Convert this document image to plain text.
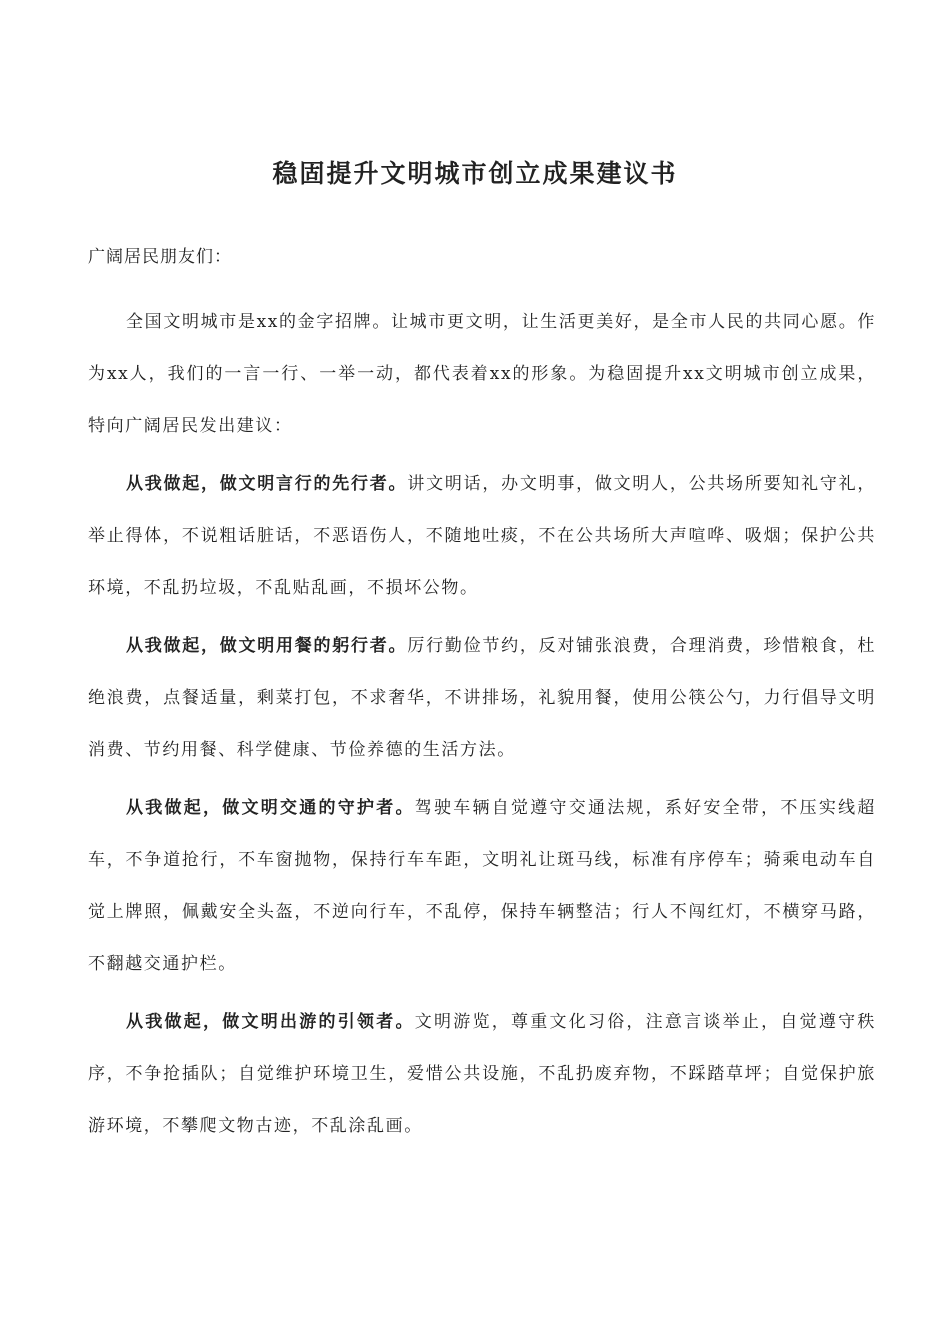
稳固提升文明城市创立成果建议书

广阔居民朋友们：

全国文明城市是xx的金字招牌。让城市更文明，让生活更美好，是全市人民的共同心愿。作为xx人，我们的一言一行、一举一动，都代表着xx的形象。为稳固提升xx文明城市创立成果，特向广阔居民发出建议：

从我做起，做文明言行的先行者。讲文明话，办文明事，做文明人，公共场所要知礼守礼，举止得体，不说粗话脏话，不恶语伤人，不随地吐痰，不在公共场所大声喧哗、吸烟；保护公共环境，不乱扔垃圾，不乱贴乱画，不损坏公物。

从我做起，做文明用餐的躬行者。厉行勤俭节约，反对铺张浪费，合理消费，珍惜粮食，杜绝浪费，点餐适量，剩菜打包，不求奢华，不讲排场，礼貌用餐，使用公筷公勺，力行倡导文明消费、节约用餐、科学健康、节俭养德的生活方法。

从我做起，做文明交通的守护者。驾驶车辆自觉遵守交通法规，系好安全带，不压实线超车，不争道抢行，不车窗抛物，保持行车车距，文明礼让斑马线，标准有序停车；骑乘电动车自觉上牌照，佩戴安全头盔，不逆向行车，不乱停，保持车辆整洁；行人不闯红灯，不横穿马路，不翻越交通护栏。

从我做起，做文明出游的引领者。文明游览，尊重文化习俗，注意言谈举止，自觉遵守秩序，不争抢插队；自觉维护环境卫生，爱惜公共设施，不乱扔废弃物，不踩踏草坪；自觉保护旅游环境，不攀爬文物古迹，不乱涂乱画。
